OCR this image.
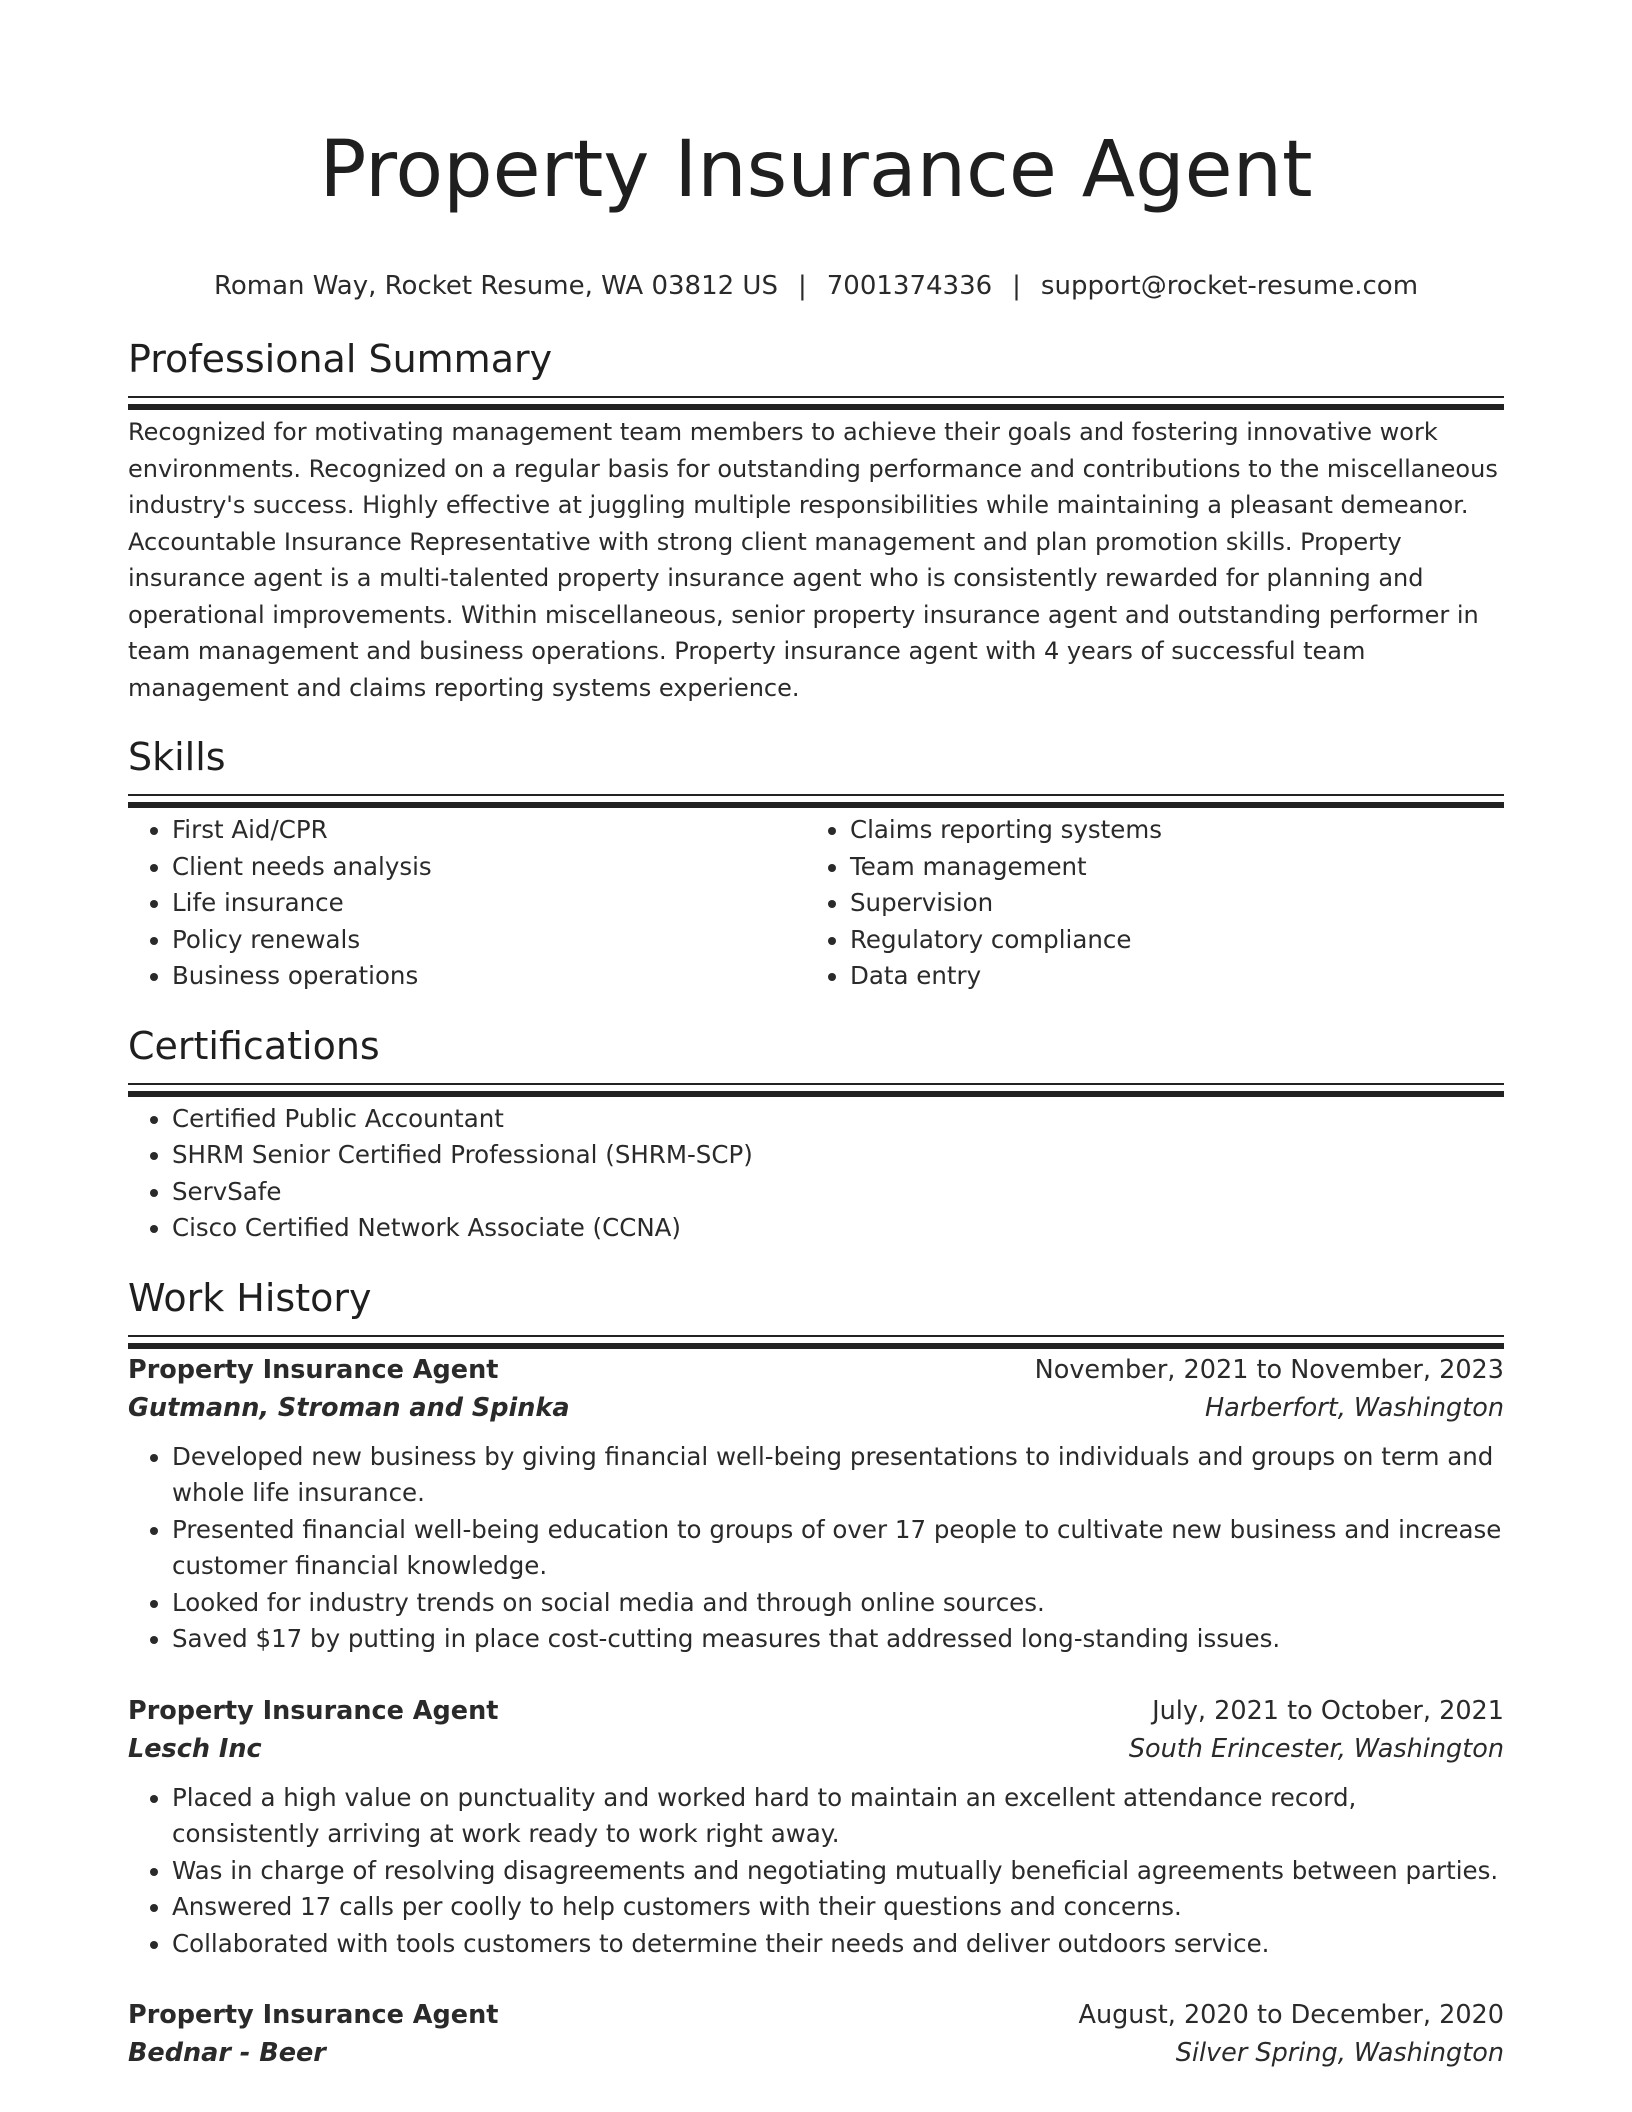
Property Insurance Agent
Roman Way, Rocket Resume, WA 03812 US | 7001374336 | support@rocket-resume.com
Professional Summary

Recognized for motivating management team members to achieve their goals and fostering innovative work environments. Recognized on a regular basis for outstanding performance and contributions to the miscellaneous industry's success. Highly effective at juggling multiple responsibilities while maintaining a pleasant demeanor. Accountable Insurance Representative with strong client management and plan promotion skills. Property insurance agent is a multi-talented property insurance agent who is consistently rewarded for planning and operational improvements. Within miscellaneous, senior property insurance agent and outstanding performer in team management and business operations. Property insurance agent with 4 years of successful team management and claims reporting systems experience.

Skills
• First Aid/CPR
• Client needs analysis
• Life insurance
• Policy renewals
• Business operations
• Claims reporting systems
• Team management
• Supervision
• Regulatory compliance
• Data entry
Certifications
• Certified Public Accountant
• SHRM Senior Certified Professional (SHRM-SCP)
• ServSafe
• Cisco Certified Network Associate (CCNA)
Work History
Property Insurance Agent	November, 2021 to November, 2023
Gutmann, Stroman and Spinka	Harberfort, Washington
• Developed new business by giving financial well-being presentations to individuals and groups on term and whole life insurance.
• Presented financial well-being education to groups of over 17 people to cultivate new business and increase customer financial knowledge.
• Looked for industry trends on social media and through online sources.
• Saved $17 by putting in place cost-cutting measures that addressed long-standing issues.
Property Insurance Agent	July, 2021 to October, 2021
Lesch Inc	South Erincester, Washington
• Placed a high value on punctuality and worked hard to maintain an excellent attendance record, consistently arriving at work ready to work right away.
• Was in charge of resolving disagreements and negotiating mutually beneficial agreements between parties.
• Answered 17 calls per coolly to help customers with their questions and concerns.
• Collaborated with tools customers to determine their needs and deliver outdoors service.
Property Insurance Agent	August, 2020 to December, 2020
Bednar - Beer	Silver Spring, Washington
